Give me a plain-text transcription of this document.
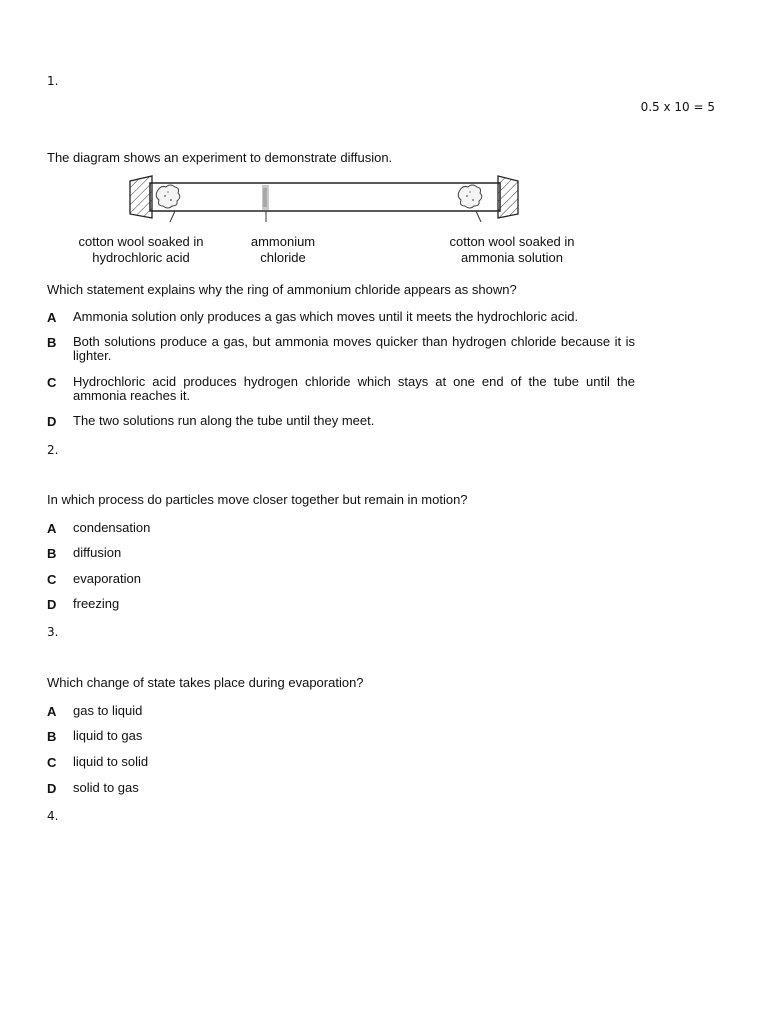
1.
0.5 x 10 = 5
The diagram shows an experiment to demonstrate diffusion.
cotton wool soaked in
hydrochloric acid
ammonium
chloride
cotton wool soaked in
ammonia solution
Which statement explains why the ring of ammonium chloride appears as shown?
A	Ammonia solution only produces a gas which moves until it meets the hydrochloric acid.
B	Both solutions produce a gas, but ammonia moves quicker than hydrogen chloride because it is lighter.
C	Hydrochloric acid produces hydrogen chloride which stays at one end of the tube until the ammonia reaches it.
D	The two solutions run along the tube until they meet.
2.
In which process do particles move closer together but remain in motion?
A	condensation
B	diffusion
C	evaporation
D	freezing
3.
Which change of state takes place during evaporation?
A	gas to liquid
B	liquid to gas
C	liquid to solid
D	solid to gas
4.
